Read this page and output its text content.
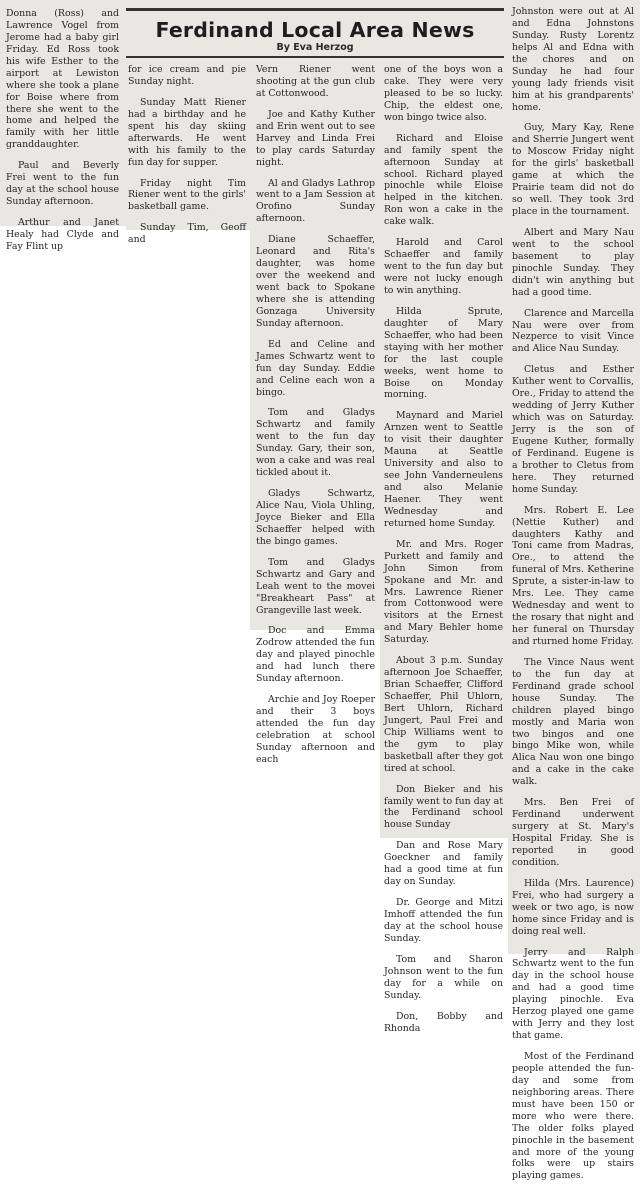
Ferdinand Local Area News
By Eva Herzog

Donna (Ross) and Lawrence Vogel from Jerome had a baby girl Friday. Ed Ross took his wife Esther to the airport at Lewiston where she took a plane for Boise where from there she went to the home and helped the family with her little granddaughter.

Paul and Beverly Frei went to the fun day at the school house Sunday afternoon.

Arthur and Janet Healy had Clyde and Fay Flint up

for ice cream and pie Sunday night.

Sunday Matt Riener had a birthday and he spent his day skiing afterwards. He went with his family to the fun day for supper.

Friday night Tim Riener went to the girls' basketball game.

Sunday Tim, Geoff and

Vern Riener went shooting at the gun club at Cottonwood.

Joe and Kathy Kuther and Erin went out to see Harvey and Linda Frei to play cards Saturday night.

Al and Gladys Lathrop went to a Jam Session at Orofino Sunday afternoon.

Diane Schaeffer, Leonard and Rita's daughter, was home over the weekend and went back to Spokane where she is attending Gonzaga University Sunday afternoon.

Ed and Celine and James Schwartz went to fun day Sunday. Eddie and Celine each won a bingo.

Tom and Gladys Schwartz and family went to the fun day Sunday. Gary, their son, won a cake and was real tickled about it.

Gladys Schwartz, Alice Nau, Viola Uhling, Joyce Bieker and Ella Schaeffer helped with the bingo games.

Tom and Gladys Schwartz and Gary and Leah went to the movei "Breakheart Pass" at Grangeville last week.

Doc and Emma Zodrow attended the fun day and played pinochle and had lunch there Sunday afternoon.

Archie and Joy Roeper and their 3 boys attended the fun day celebration at school Sunday afternoon and each

one of the boys won a cake. They were very pleased to be so lucky. Chip, the eldest one, won bingo twice also.

Richard and Eloise and family spent the afternoon Sunday at school. Richard played pinochle while Eloise helped in the kitchen. Ron won a cake in the cake walk.

Harold and Carol Schaeffer and family went to the fun day but were not lucky enough to win anything.

Hilda Sprute, daughter of Mary Schaeffer, who had been staying with her mother for the last couple weeks, went home to Boise on Monday morning.

Maynard and Mariel Arnzen went to Seattle to visit their daughter Mauna at Seattle University and also to see John Vanderneulens and also Melanie Haener. They went Wednesday and returned home Sunday.

Mr. and Mrs. Roger Purkett and family and John Simon from Spokane and Mr. and Mrs. Lawrence Riener from Cottonwood were visitors at the Ernest and Mary Behler home Saturday.

About 3 p.m. Sunday afternoon Joe Schaeffer, Brian Schaeffer, Clifford Schaeffer, Phil Uhlorn, Bert Uhlorn, Richard Jungert, Paul Frei and Chip Williams went to the gym to play basketball after they got tired at school.

Don Bieker and his family went to fun day at the Ferdinand school house Sunday

Dan and Rose Mary Goeckner and family had a good time at fun day on Sunday.

Dr. George and Mitzi Imhoff attended the fun day at the school house Sunday.

Tom and Sharon Johnson went to the fun day for a while on Sunday.

Don, Bobby and Rhonda

Johnston were out at Al and Edna Johnstons Sunday. Rusty Lorentz helps Al and Edna with the chores and on Sunday he had four young lady friends visit him at his grandparents' home.

Guy, Mary Kay, Rene and Sherrie Jungert went to Moscow Friday night for the girls' basketball game at which the Prairie team did not do so well. They took 3rd place in the tournament.

Albert and Mary Nau went to the school basement to play pinochle Sunday. They didn't win anything but had a good time.

Clarence and Marcella Nau were over from Nezperce to visit Vince and Alice Nau Sunday.

Cletus and Esther Kuther went to Corvallis, Ore., Friday to attend the wedding of Jerry Kuther which was on Saturday. Jerry is the son of Eugene Kuther, formally of Ferdinand. Eugene is a brother to Cletus from here. They returned home Sunday.

Mrs. Robert E. Lee (Nettie Kuther) and daughters Kathy and Toni came from Madras, Ore., to attend the funeral of Mrs. Ketherine Sprute, a sister-in-law to Mrs. Lee. They came Wednesday and went to the rosary that night and her funeral on Thursday and rturned home Friday.

The Vince Naus went to the fun day at Ferdinand grade school house Sunday. The children played bingo mostly and Maria won two bingos and one bingo Mike won, while Alica Nau won one bingo and a cake in the cake walk.

Mrs. Ben Frei of Ferdinand underwent surgery at St. Mary's Hospital Friday. She is reported in good condition.

Hilda (Mrs. Laurence) Frei, who had surgery a week or two ago, is now home since Friday and is doing real well.

Jerry and Ralph Schwartz went to the fun day in the school house and had a good time playing pinochle. Eva Herzog played one game with Jerry and they lost that game.

Most of the Ferdinand people attended the fun-day and some from neighboring areas. There must have been 150 or more who were there. The older folks played pinochle in the basement and more of the young folks were up stairs playing games.
